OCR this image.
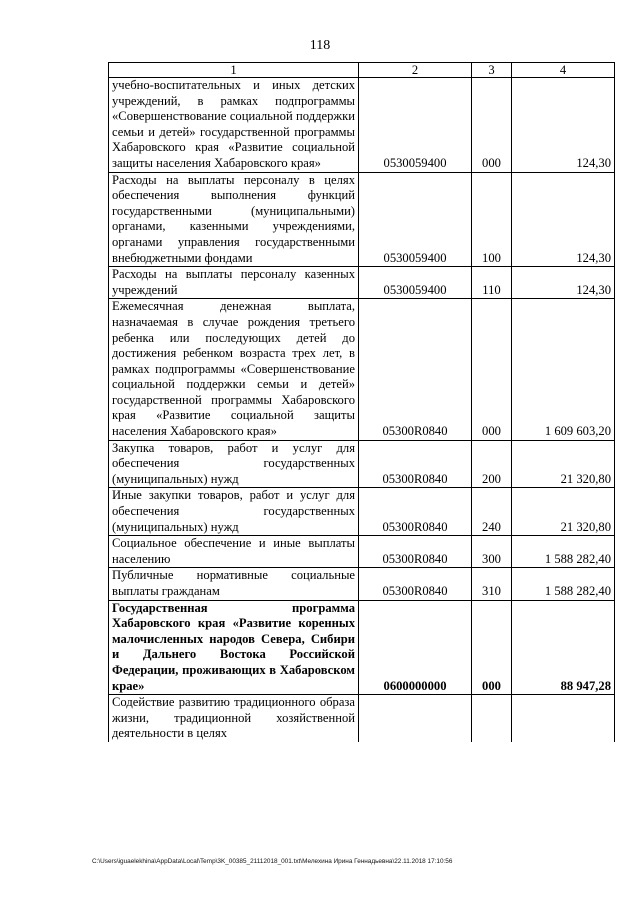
118
1	2	3	4
учебно-воспитательных и иных детских учреждений, в рамках подпрограммы «Совершенствование социальной поддержки семьи и детей» государственной программы Хабаровского края «Развитие социальной защиты населения Хабаровского края»	0530059400	000	124,30
Расходы на выплаты персоналу в целях обеспечения выполнения функций государственными (муниципальными) органами, казенными учреждениями, органами управления государственными внебюджетными фондами	0530059400	100	124,30
Расходы на выплаты персоналу казенных учреждений	0530059400	110	124,30
Ежемесячная денежная выплата, назначаемая в случае рождения третьего ребенка или последующих детей до достижения ребенком возраста трех лет, в рамках подпрограммы «Совершенствование социальной поддержки семьи и детей» государственной программы Хабаровского края «Развитие социальной защиты населения Хабаровского края»	05300R0840	000	1 609 603,20
Закупка товаров, работ и услуг для обеспечения государственных (муниципальных) нужд	05300R0840	200	21 320,80
Иные закупки товаров, работ и услуг для обеспечения государственных (муниципальных) нужд	05300R0840	240	21 320,80
Социальное обеспечение и иные выплаты населению	05300R0840	300	1 588 282,40
Публичные нормативные социальные выплаты гражданам	05300R0840	310	1 588 282,40
Государственная программа Хабаровского края «Развитие коренных малочисленных народов Севера, Сибири и Дальнего Востока Российской Федерации, проживающих в Хабаровском крае»	0600000000	000	88 947,28
Содействие развитию традиционного образа жизни, традиционной хозяйственной деятельности в целях			
C:\Users\iguaelekhina\AppData\Local\Temp\3K_00385_21112018_001.txt\Мелехина Ирина Геннадьевна\22.11.2018 17:10:56
